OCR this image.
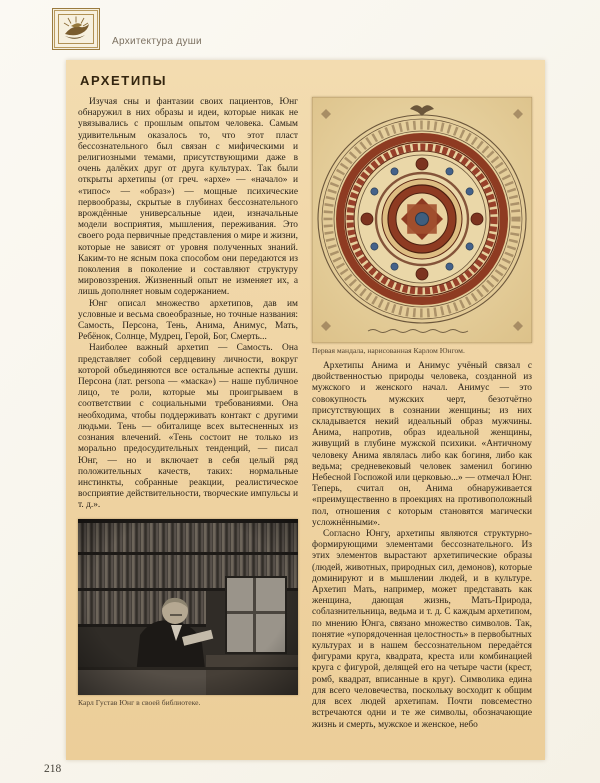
Архитектура души
АРХЕТИПЫ

Изучая сны и фантазии своих пациентов, Юнг обнаружил в них образы и идеи, которые никак не увязывались с прошлым опытом человека. Самым удивительным оказалось то, что этот пласт бессознательного был связан с мифическими и религиозными темами, присутствующими даже в очень далёких друг от друга культурах. Так были открыты архетипы (от греч. «архе» — «начало» и «типос» — «образ») — мощные психические первообразы, скрытые в глубинах бессознательного врождённые универсальные идеи, изначальные модели восприятия, мышления, переживания. Это своего рода первичные представления о мире и жизни, которые не зависят от уровня полученных знаний. Каким-то не ясным пока способом они передаются из поколения в поколение и составляют структуру мировоззрения. Жизненный опыт не изменяет их, а лишь дополняет новым содержанием.

Юнг описал множество архетипов, дав им условные и весьма своеобразные, но точные названия: Самость, Персона, Тень, Анима, Анимус, Мать, Ребёнок, Солнце, Мудрец, Герой, Бог, Смерть...

Наиболее важный архетип — Самость. Она представляет собой сердцевину личности, вокруг которой объединяются все остальные аспекты души. Персона (лат. persona — «маска») — наше публичное лицо, те роли, которые мы проигрываем в соответствии с социальными требованиями. Она необходима, чтобы поддерживать контакт с другими людьми. Тень — обиталище всех вытесненных из сознания влечений. «Тень состоит не только из морально предосудительных тенденций, — писал Юнг, — но и включает в себя целый ряд положительных качеств, таких: нормальные инстинкты, собранные реакции, реалистическое восприятие действительности, творческие импульсы и т. д.».

Карл Густав Юнг в своей библиотеке.
Первая мандала, нарисованная Карлом Юнгом.

Архетипы Анима и Анимус учёный связал с двойственностью природы человека, созданной из мужского и женского начал. Анимус — это совокупность мужских черт, безотчётно присутствующих в сознании женщины; из них складывается некий идеальный образ мужчины. Анима, напротив, образ идеальной женщины, живущий в глубине мужской психики. «Античному человеку Анима являлась либо как богиня, либо как ведьма; средневековый человек заменил богиню Небесной Госпожой или церковью...» — отмечал Юнг. Теперь, считал он, Анима обнаруживается «преимущественно в проекциях на противоположный пол, отношения с которым становятся магически усложнёнными».

Согласно Юнгу, архетипы являются структурно-формирующими элементами бессознательного. Из этих элементов вырастают архетипические образы (людей, животных, природных сил, демонов), которые доминируют и в мышлении людей, и в культуре. Архетип Мать, например, может представать как женщина, дающая жизнь, Мать-Природа, соблазнительница, ведьма и т. д. С каждым архетипом, по мнению Юнга, связано множество символов. Так, понятие «упорядоченная целостность» в первобытных культурах и в нашем бессознательном передаётся фигурами круга, квадрата, креста или комбинацией круга с фигурой, делящей его на четыре части (крест, ромб, квадрат, вписанные в круг). Символика едина для всего человечества, поскольку восходит к общим для всех людей архетипам. Почти повсеместно встречаются одни и те же символы, обозначающие жизнь и смерть, мужское и женское, небо

218
